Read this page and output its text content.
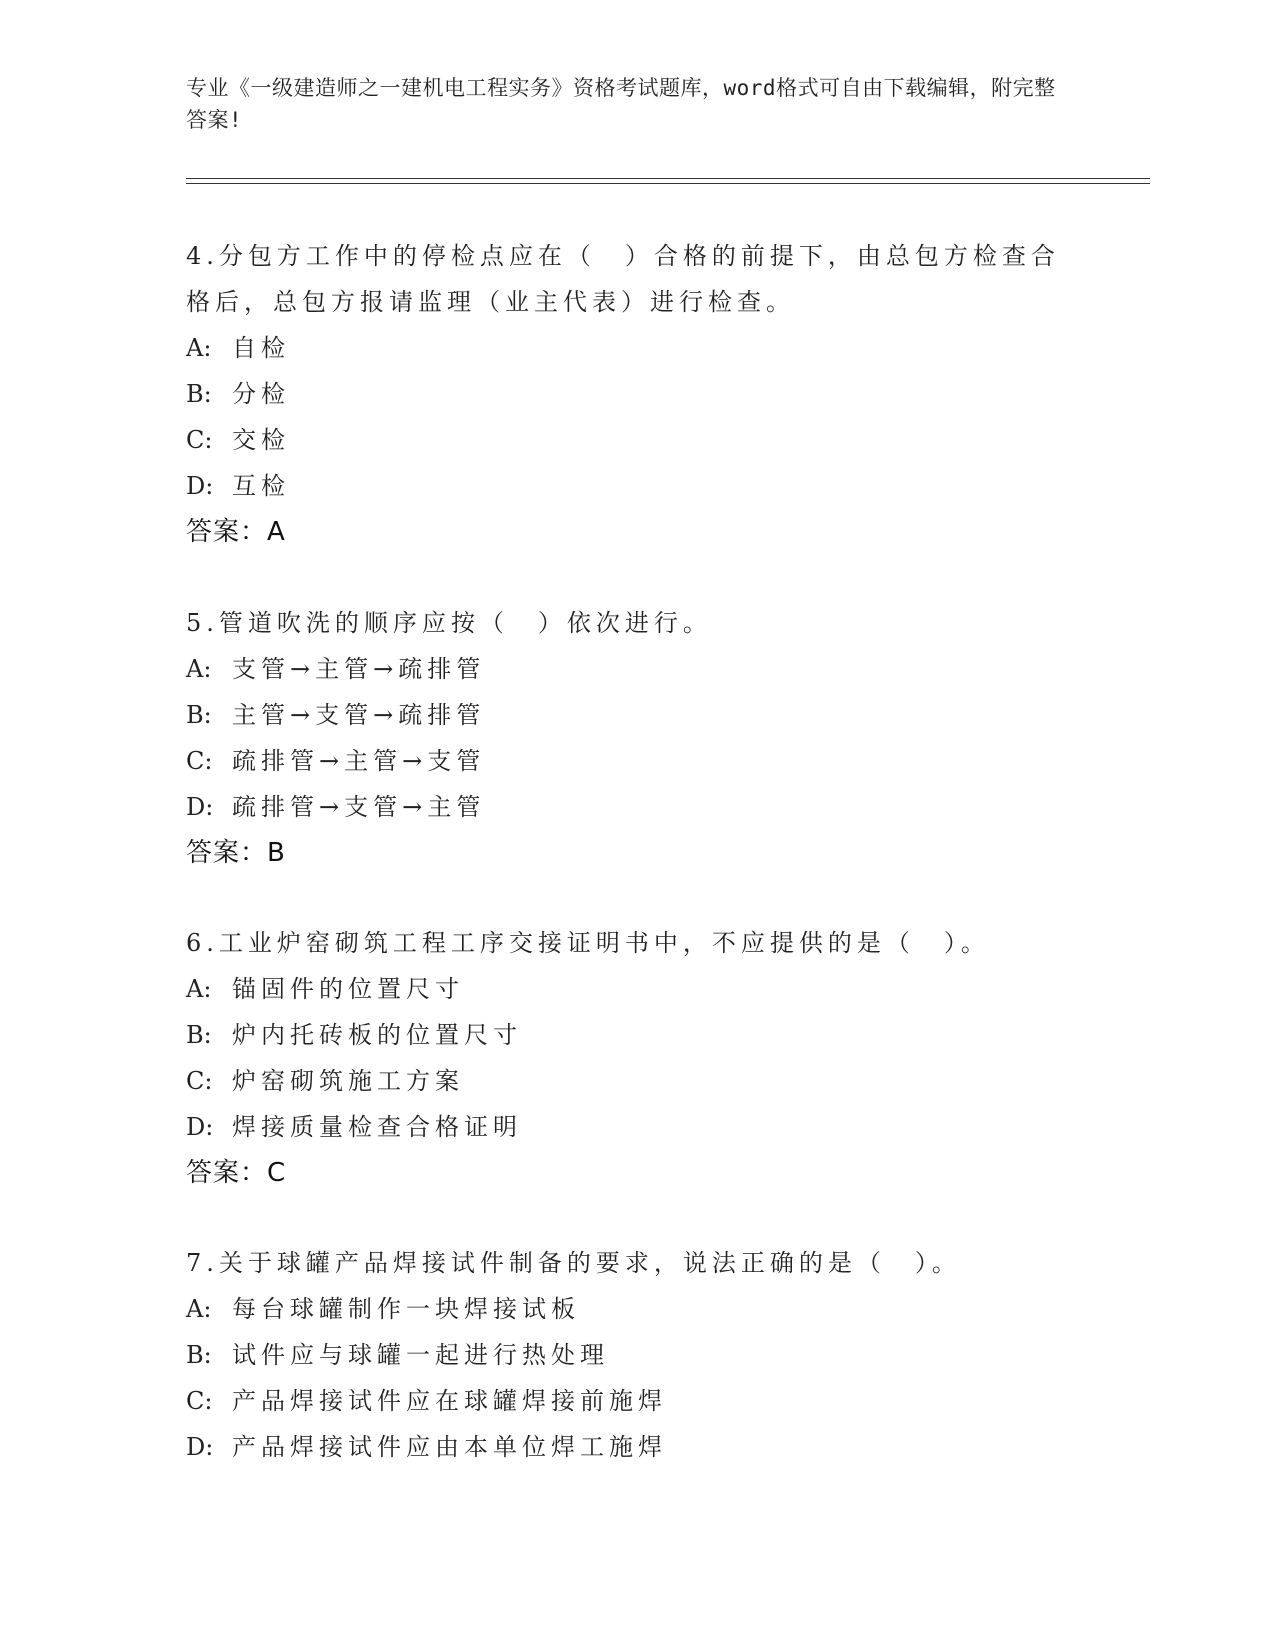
专业《一级建造师之一建机电工程实务》资格考试题库，word格式可自由下载编辑，附完整答案!

4.分包方工作中的停检点应在（　）合格的前提下，由总包方检查合格后，总包方报请监理（业主代表）进行检查。

A: 自检
B: 分检
C: 交检
D: 互检

答案：A

5.管道吹洗的顺序应按（　）依次进行。

A: 支管→主管→疏排管
B: 主管→支管→疏排管
C: 疏排管→主管→支管
D: 疏排管→支管→主管

答案：B

6.工业炉窑砌筑工程工序交接证明书中，不应提供的是（　）。

A: 锚固件的位置尺寸
B: 炉内托砖板的位置尺寸
C: 炉窑砌筑施工方案
D: 焊接质量检查合格证明

答案：C

7.关于球罐产品焊接试件制备的要求，说法正确的是（　）。

A: 每台球罐制作一块焊接试板
B: 试件应与球罐一起进行热处理
C: 产品焊接试件应在球罐焊接前施焊
D: 产品焊接试件应由本单位焊工施焊
